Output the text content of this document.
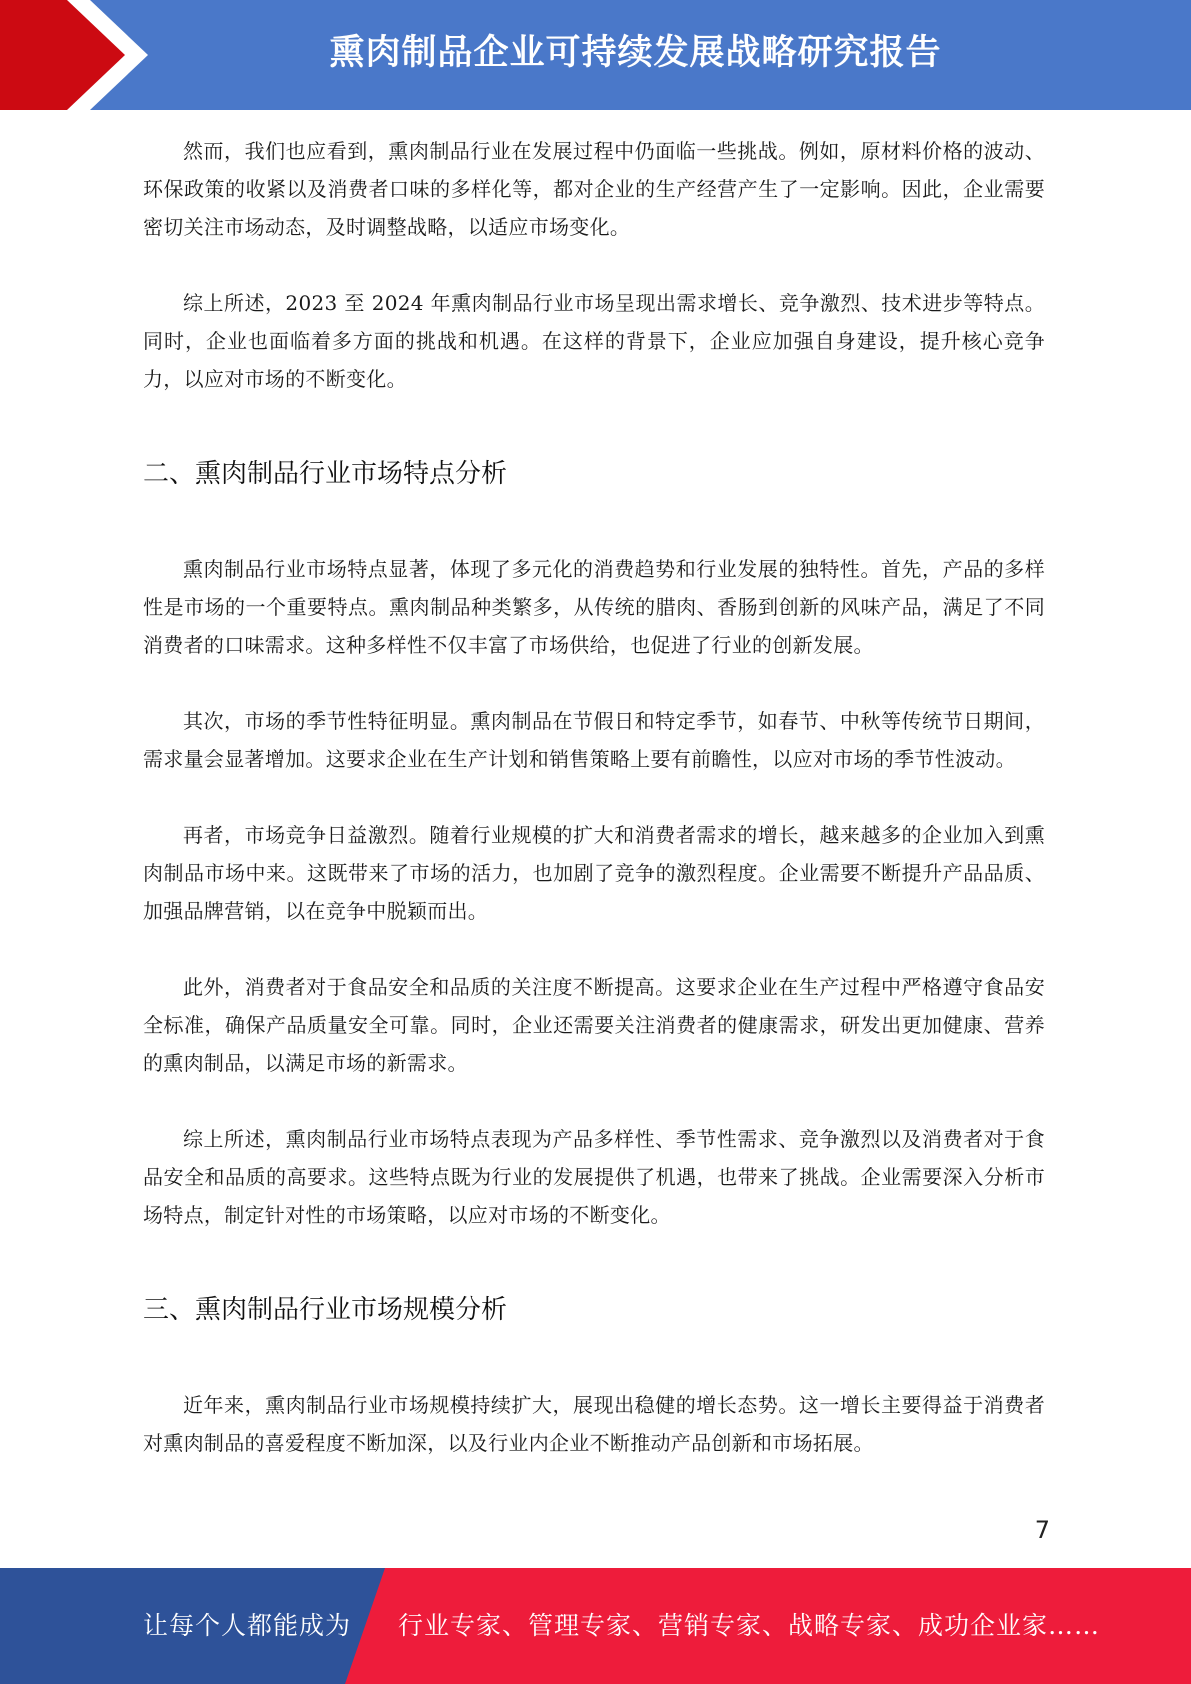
熏肉制品企业可持续发展战略研究报告

然而，我们也应看到，熏肉制品行业在发展过程中仍面临一些挑战。例如，原材料价格的波动、环保政策的收紧以及消费者口味的多样化等，都对企业的生产经营产生了一定影响。因此，企业需要密切关注市场动态，及时调整战略，以适应市场变化。

综上所述，2023 至 2024 年熏肉制品行业市场呈现出需求增长、竞争激烈、技术进步等特点。同时，企业也面临着多方面的挑战和机遇。在这样的背景下，企业应加强自身建设，提升核心竞争力，以应对市场的不断变化。

二、熏肉制品行业市场特点分析

熏肉制品行业市场特点显著，体现了多元化的消费趋势和行业发展的独特性。首先，产品的多样性是市场的一个重要特点。熏肉制品种类繁多，从传统的腊肉、香肠到创新的风味产品，满足了不同消费者的口味需求。这种多样性不仅丰富了市场供给，也促进了行业的创新发展。

其次，市场的季节性特征明显。熏肉制品在节假日和特定季节，如春节、中秋等传统节日期间，需求量会显著增加。这要求企业在生产计划和销售策略上要有前瞻性，以应对市场的季节性波动。

再者，市场竞争日益激烈。随着行业规模的扩大和消费者需求的增长，越来越多的企业加入到熏肉制品市场中来。这既带来了市场的活力，也加剧了竞争的激烈程度。企业需要不断提升产品品质、加强品牌营销，以在竞争中脱颖而出。

此外，消费者对于食品安全和品质的关注度不断提高。这要求企业在生产过程中严格遵守食品安全标准，确保产品质量安全可靠。同时，企业还需要关注消费者的健康需求，研发出更加健康、营养的熏肉制品，以满足市场的新需求。

综上所述，熏肉制品行业市场特点表现为产品多样性、季节性需求、竞争激烈以及消费者对于食品安全和品质的高要求。这些特点既为行业的发展提供了机遇，也带来了挑战。企业需要深入分析市场特点，制定针对性的市场策略，以应对市场的不断变化。

三、熏肉制品行业市场规模分析

近年来，熏肉制品行业市场规模持续扩大，展现出稳健的增长态势。这一增长主要得益于消费者对熏肉制品的喜爱程度不断加深，以及行业内企业不断推动产品创新和市场拓展。

7
让每个人都能成为 行业专家、管理专家、营销专家、战略专家、成功企业家……
